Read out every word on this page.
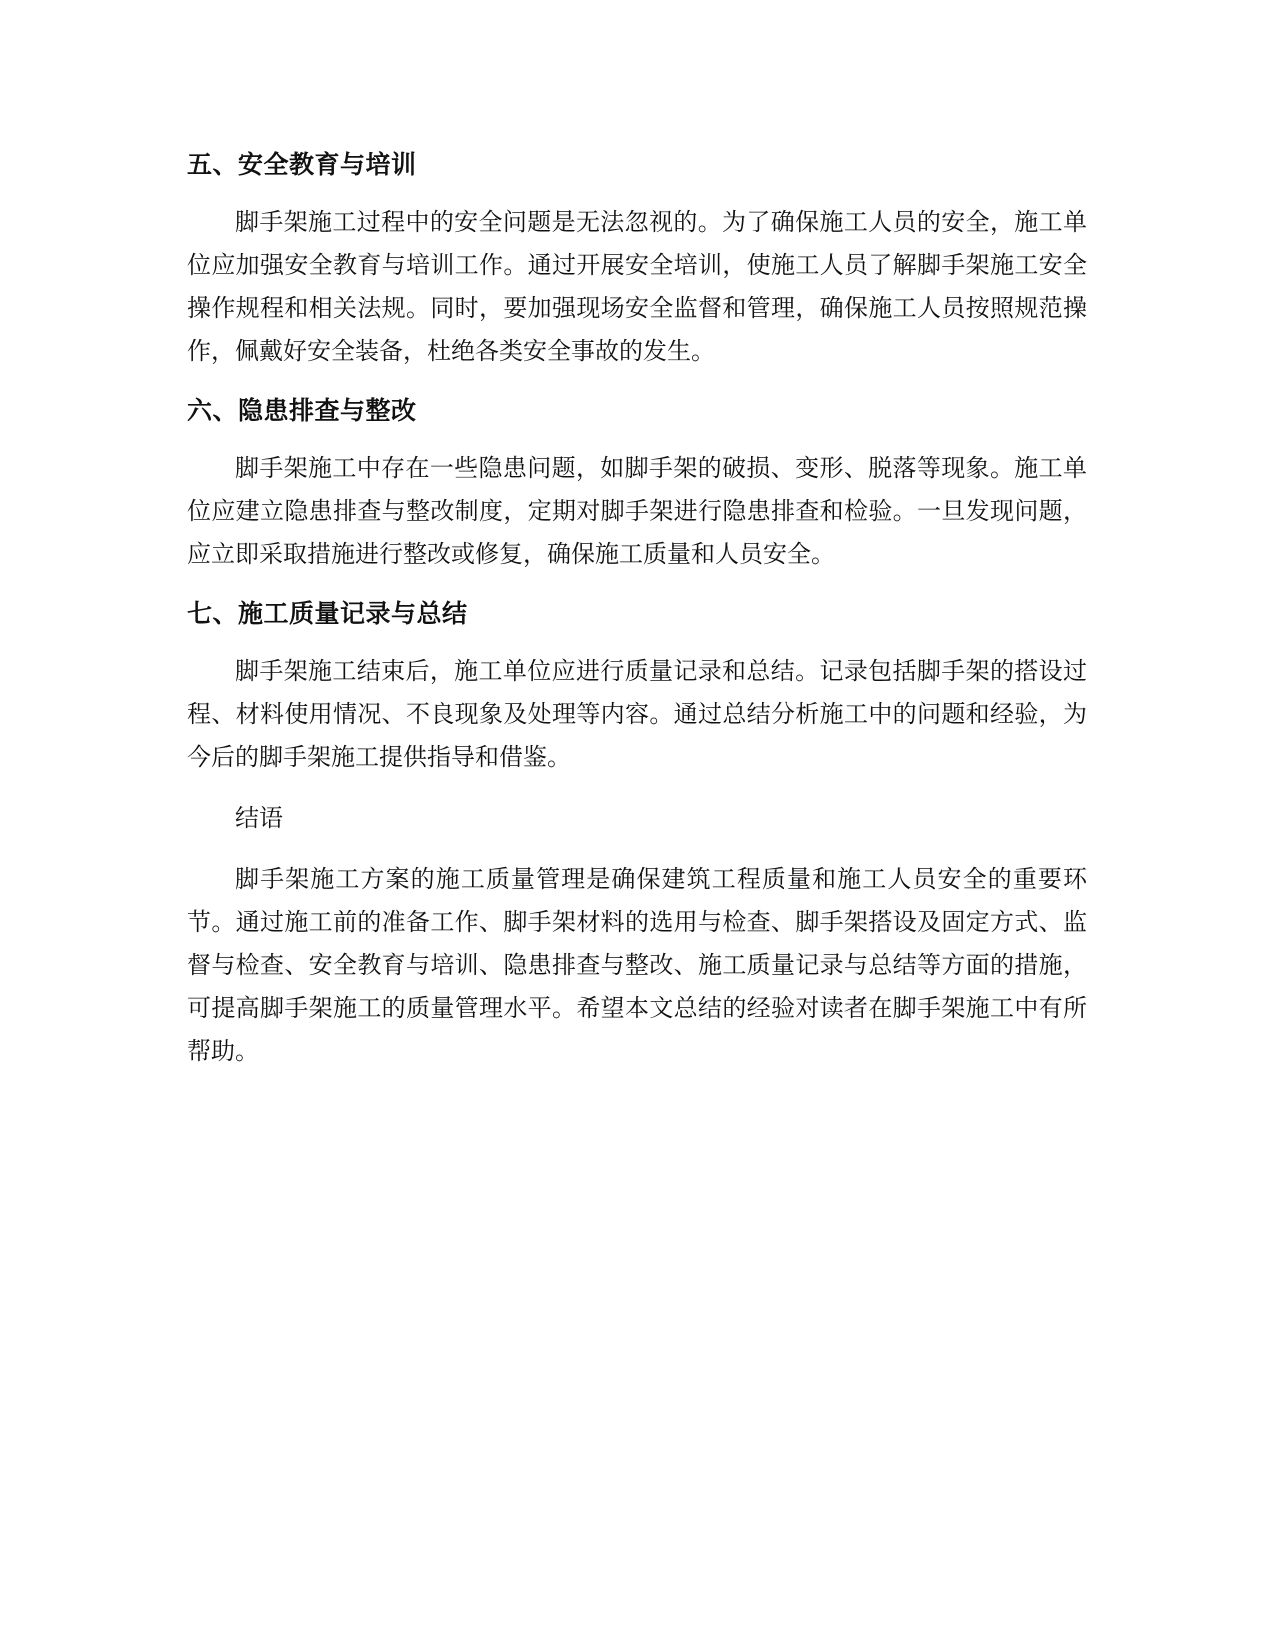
五、安全教育与培训

脚手架施工过程中的安全问题是无法忽视的。为了确保施工人员的安全，施工单位应加强安全教育与培训工作。通过开展安全培训，使施工人员了解脚手架施工安全操作规程和相关法规。同时，要加强现场安全监督和管理，确保施工人员按照规范操作，佩戴好安全装备，杜绝各类安全事故的发生。

六、隐患排查与整改

脚手架施工中存在一些隐患问题，如脚手架的破损、变形、脱落等现象。施工单位应建立隐患排查与整改制度，定期对脚手架进行隐患排查和检验。一旦发现问题，应立即采取措施进行整改或修复，确保施工质量和人员安全。

七、施工质量记录与总结

脚手架施工结束后，施工单位应进行质量记录和总结。记录包括脚手架的搭设过程、材料使用情况、不良现象及处理等内容。通过总结分析施工中的问题和经验，为今后的脚手架施工提供指导和借鉴。

结语

脚手架施工方案的施工质量管理是确保建筑工程质量和施工人员安全的重要环节。通过施工前的准备工作、脚手架材料的选用与检查、脚手架搭设及固定方式、监督与检查、安全教育与培训、隐患排查与整改、施工质量记录与总结等方面的措施，可提高脚手架施工的质量管理水平。希望本文总结的经验对读者在脚手架施工中有所帮助。
